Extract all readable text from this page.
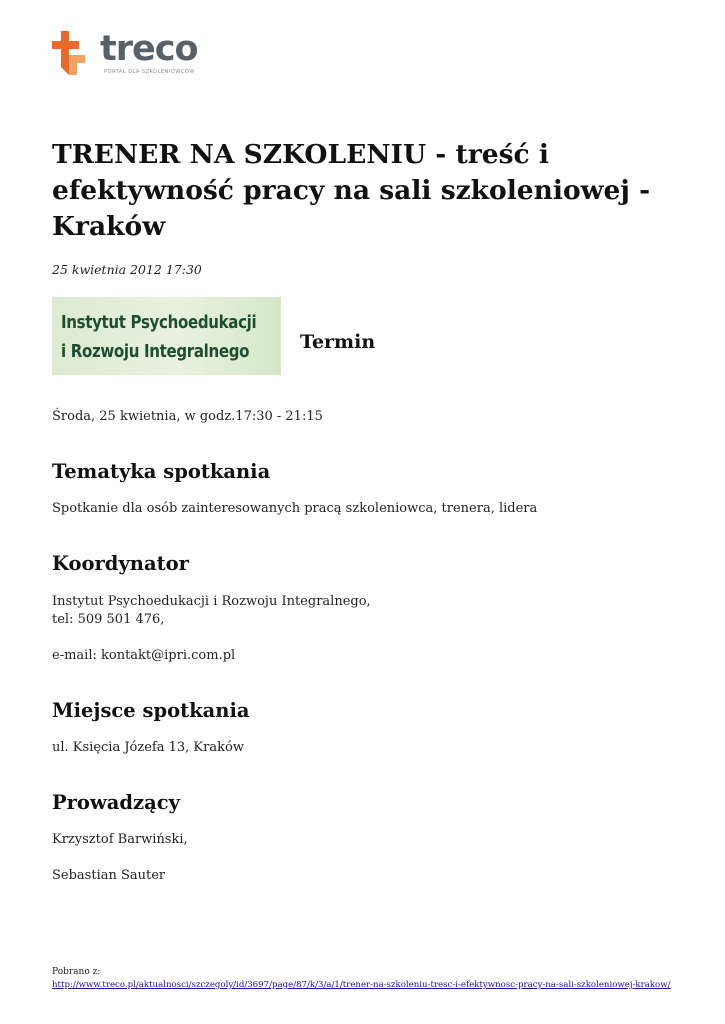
treco
PORTAL DLA SZKOLENIOWCÓW
TRENER NA SZKOLENIU - treść i efektywność pracy na sali szkoleniowej - Kraków
25 kwietnia 2012 17:30
Instytut Psychoedukacji
i Rozwoju Integralnego	Termin
Środa, 25 kwietnia, w godz.17:30 - 21:15
Tematyka spotkania
Spotkanie dla osób zainteresowanych pracą szkoleniowca, trenera, lidera
Koordynator
Instytut Psychoedukacji i Rozwoju Integralnego,
tel: 509 501 476,
e-mail: kontakt@ipri.com.pl
Miejsce spotkania
ul. Księcia Józefa 13, Kraków
Prowadzący
Krzysztof Barwiński,
Sebastian Sauter
Pobrano z:
http://www.treco.pl/aktualnosci/szczegoly/id/3697/page/87/k/3/a/1/trener-na-szkoleniu-tresc-i-efektywnosc-pracy-na-sali-szkoleniowej-krakow/
